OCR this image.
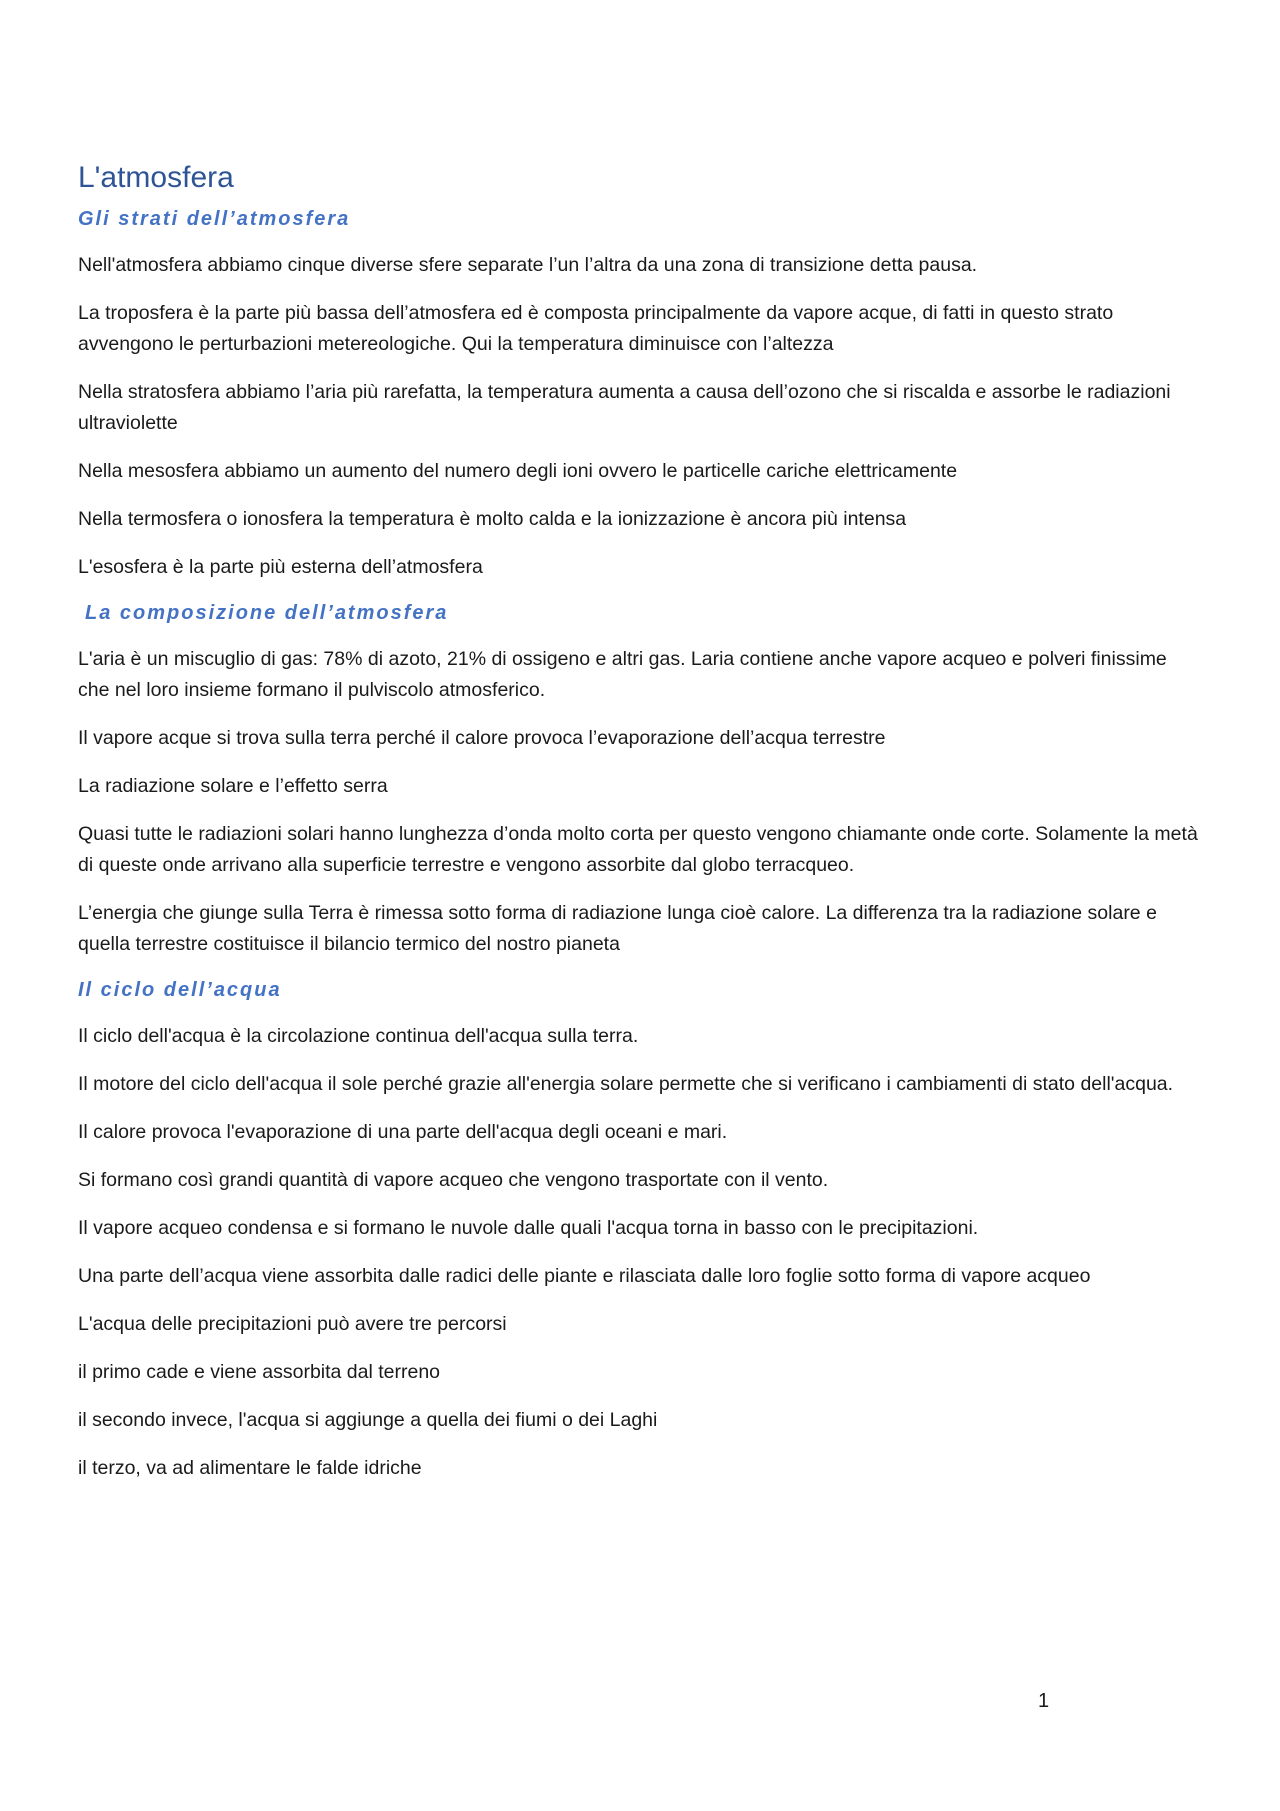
L'atmosfera
Gli strati dell’atmosfera

Nell'atmosfera abbiamo cinque diverse sfere separate l’un l’altra da una zona di transizione detta pausa.

La troposfera è la parte più bassa dell’atmosfera ed è composta principalmente da vapore acque, di fatti in questo strato avvengono le perturbazioni metereologiche. Qui la temperatura diminuisce con l’altezza

Nella stratosfera abbiamo l’aria più rarefatta, la temperatura aumenta a causa dell’ozono che si riscalda e assorbe le radiazioni ultraviolette

Nella mesosfera abbiamo un aumento del numero degli ioni ovvero le particelle cariche elettricamente

Nella termosfera o ionosfera la temperatura è molto calda e la ionizzazione è ancora più intensa

L'esosfera è la parte più esterna dell’atmosfera

La composizione dell’atmosfera

L'aria è un miscuglio di gas: 78% di azoto, 21% di ossigeno e altri gas. Laria contiene anche vapore acqueo e polveri finissime che nel loro insieme formano il pulviscolo atmosferico.

Il vapore acque si trova sulla terra perché il calore provoca l’evaporazione dell’acqua terrestre

La radiazione solare e l’effetto serra

Quasi tutte le radiazioni solari hanno lunghezza d’onda molto corta per questo vengono chiamante onde corte. Solamente la metà di queste onde arrivano alla superficie terrestre e vengono assorbite dal globo terracqueo.

L’energia che giunge sulla Terra è rimessa sotto forma di radiazione lunga cioè calore. La differenza tra la radiazione solare e quella terrestre costituisce il bilancio termico del nostro pianeta

Il ciclo dell’acqua

Il ciclo dell'acqua è la circolazione continua dell'acqua sulla terra.

Il motore del ciclo dell'acqua il sole perché grazie all'energia solare permette che si verificano i cambiamenti di stato dell'acqua.

Il calore provoca l'evaporazione di una parte dell'acqua degli oceani e mari.

Si formano così grandi quantità di vapore acqueo che vengono trasportate con il vento.

Il vapore acqueo condensa e si formano le nuvole dalle quali l'acqua torna in basso con le precipitazioni.

Una parte dell’acqua viene assorbita dalle radici delle piante e rilasciata dalle loro foglie sotto forma di vapore acqueo

L'acqua delle precipitazioni può avere tre percorsi

il primo cade e viene assorbita dal terreno

il secondo invece, l'acqua si aggiunge a quella dei fiumi o dei Laghi

il terzo, va ad alimentare le falde idriche

1
